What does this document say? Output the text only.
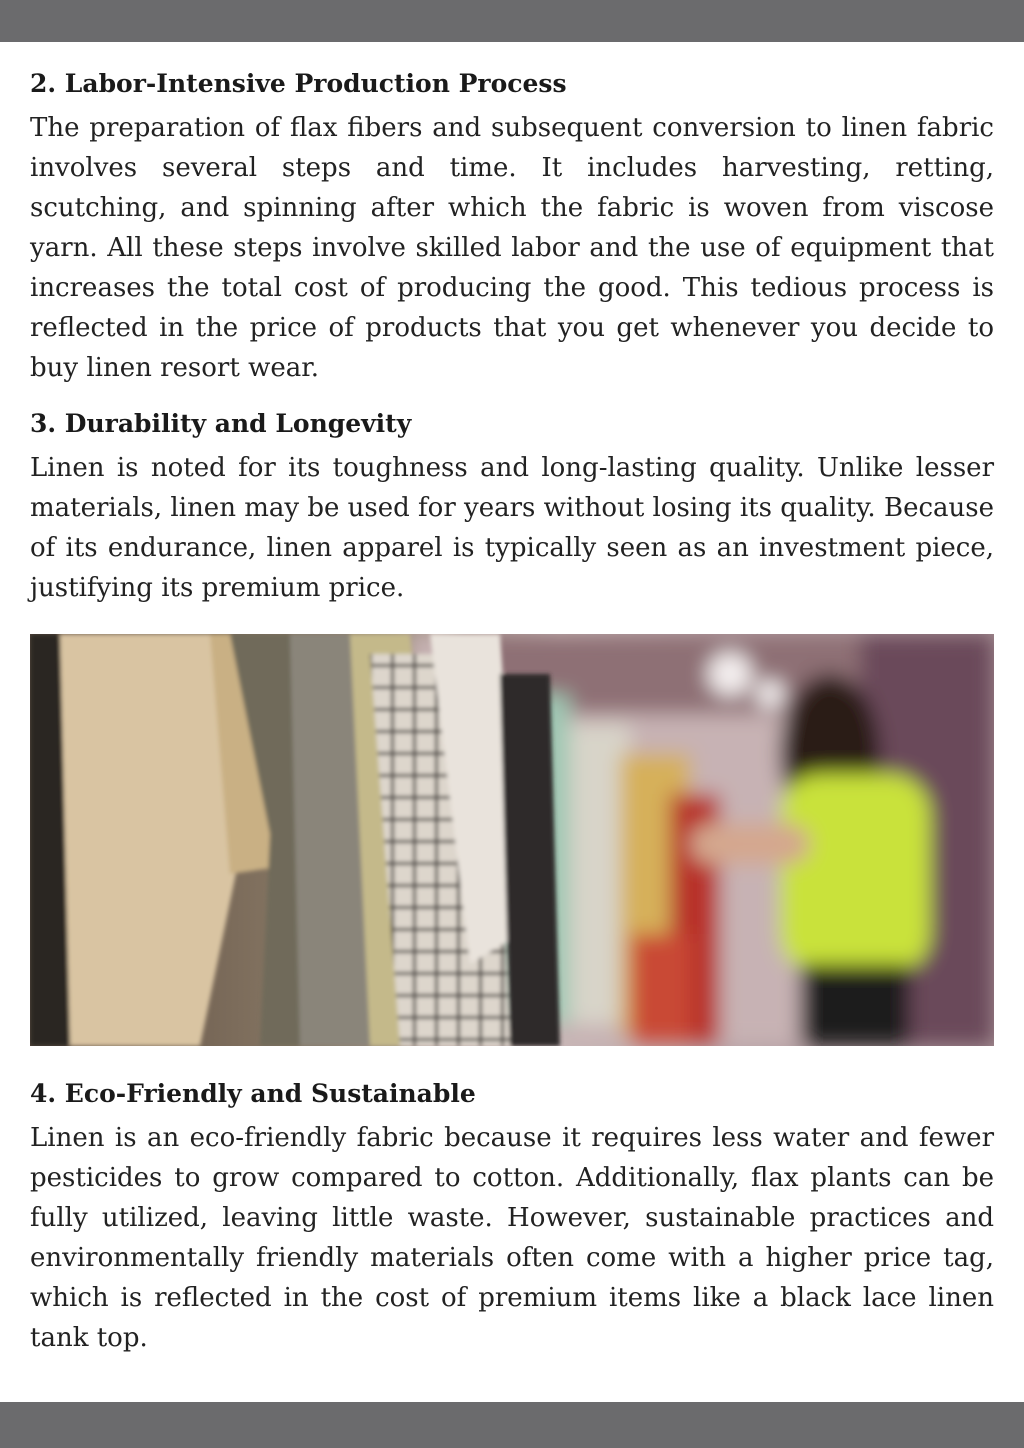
2. Labor-Intensive Production Process

The preparation of flax fibers and subsequent conversion to linen fabric involves several steps and time. It includes harvesting, retting, scutching, and spinning after which the fabric is woven from viscose yarn. All these steps involve skilled labor and the use of equipment that increases the total cost of producing the good. This tedious process is reflected in the price of products that you get whenever you decide to buy linen resort wear.

3. Durability and Longevity

Linen is noted for its toughness and long-lasting quality. Unlike lesser materials, linen may be used for years without losing its quality. Because of its endurance, linen apparel is typically seen as an investment piece, justifying its premium price.

4. Eco-Friendly and Sustainable

Linen is an eco-friendly fabric because it requires less water and fewer pesticides to grow compared to cotton. Additionally, flax plants can be fully utilized, leaving little waste. However, sustainable practices and environmentally friendly materials often come with a higher price tag, which is reflected in the cost of premium items like a black lace linen tank top.
